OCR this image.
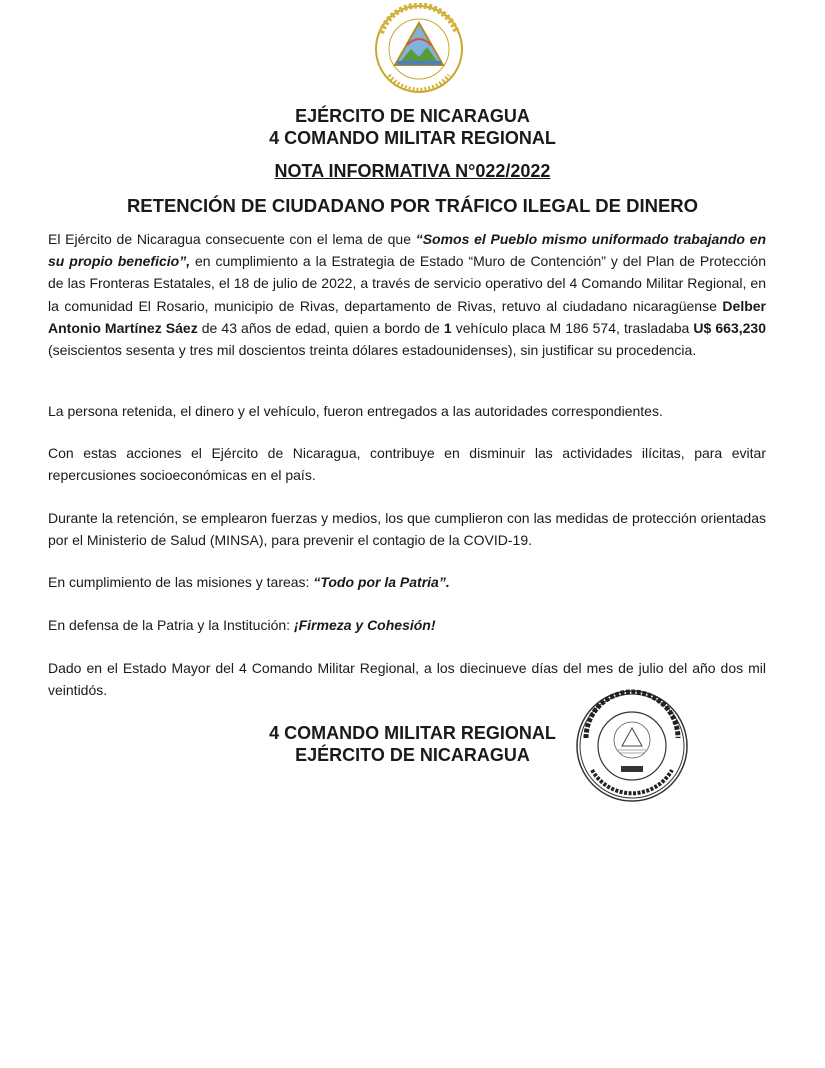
EJÉRCITO DE NICARAGUA
4 COMANDO MILITAR REGIONAL
NOTA INFORMATIVA N°022/2022
RETENCIÓN DE CIUDADANO POR TRÁFICO ILEGAL DE DINERO

El Ejército de Nicaragua consecuente con el lema de que “Somos el Pueblo mismo uniformado trabajando en su propio beneficio”, en cumplimiento a la Estrategia de Estado “Muro de Contención” y del Plan de Protección de las Fronteras Estatales, el 18 de julio de 2022, a través de servicio operativo del 4 Comando Militar Regional, en la comunidad El Rosario, municipio de Rivas, departamento de Rivas, retuvo al ciudadano nicaragüense Delber Antonio Martínez Sáez de 43 años de edad, quien a bordo de 1 vehículo placa M 186 574, trasladaba U$ 663,230 (seiscientos sesenta y tres mil doscientos treinta dólares estadounidenses), sin justificar su procedencia.

La persona retenida, el dinero y el vehículo, fueron entregados a las autoridades correspondientes.

Con estas acciones el Ejército de Nicaragua, contribuye en disminuir las actividades ilícitas, para evitar repercusiones socioeconómicas en el país.

Durante la retención, se emplearon fuerzas y medios, los que cumplieron con las medidas de protección orientadas por el Ministerio de Salud (MINSA), para prevenir el contagio de la COVID-19.

En cumplimiento de las misiones y tareas: “Todo por la Patria”.

En defensa de la Patria y la Institución: ¡Firmeza y Cohesión!

Dado en el Estado Mayor del 4 Comando Militar Regional, a los diecinueve días del mes de julio del año dos mil veintidós.

4 COMANDO MILITAR REGIONAL
EJÉRCITO DE NICARAGUA
